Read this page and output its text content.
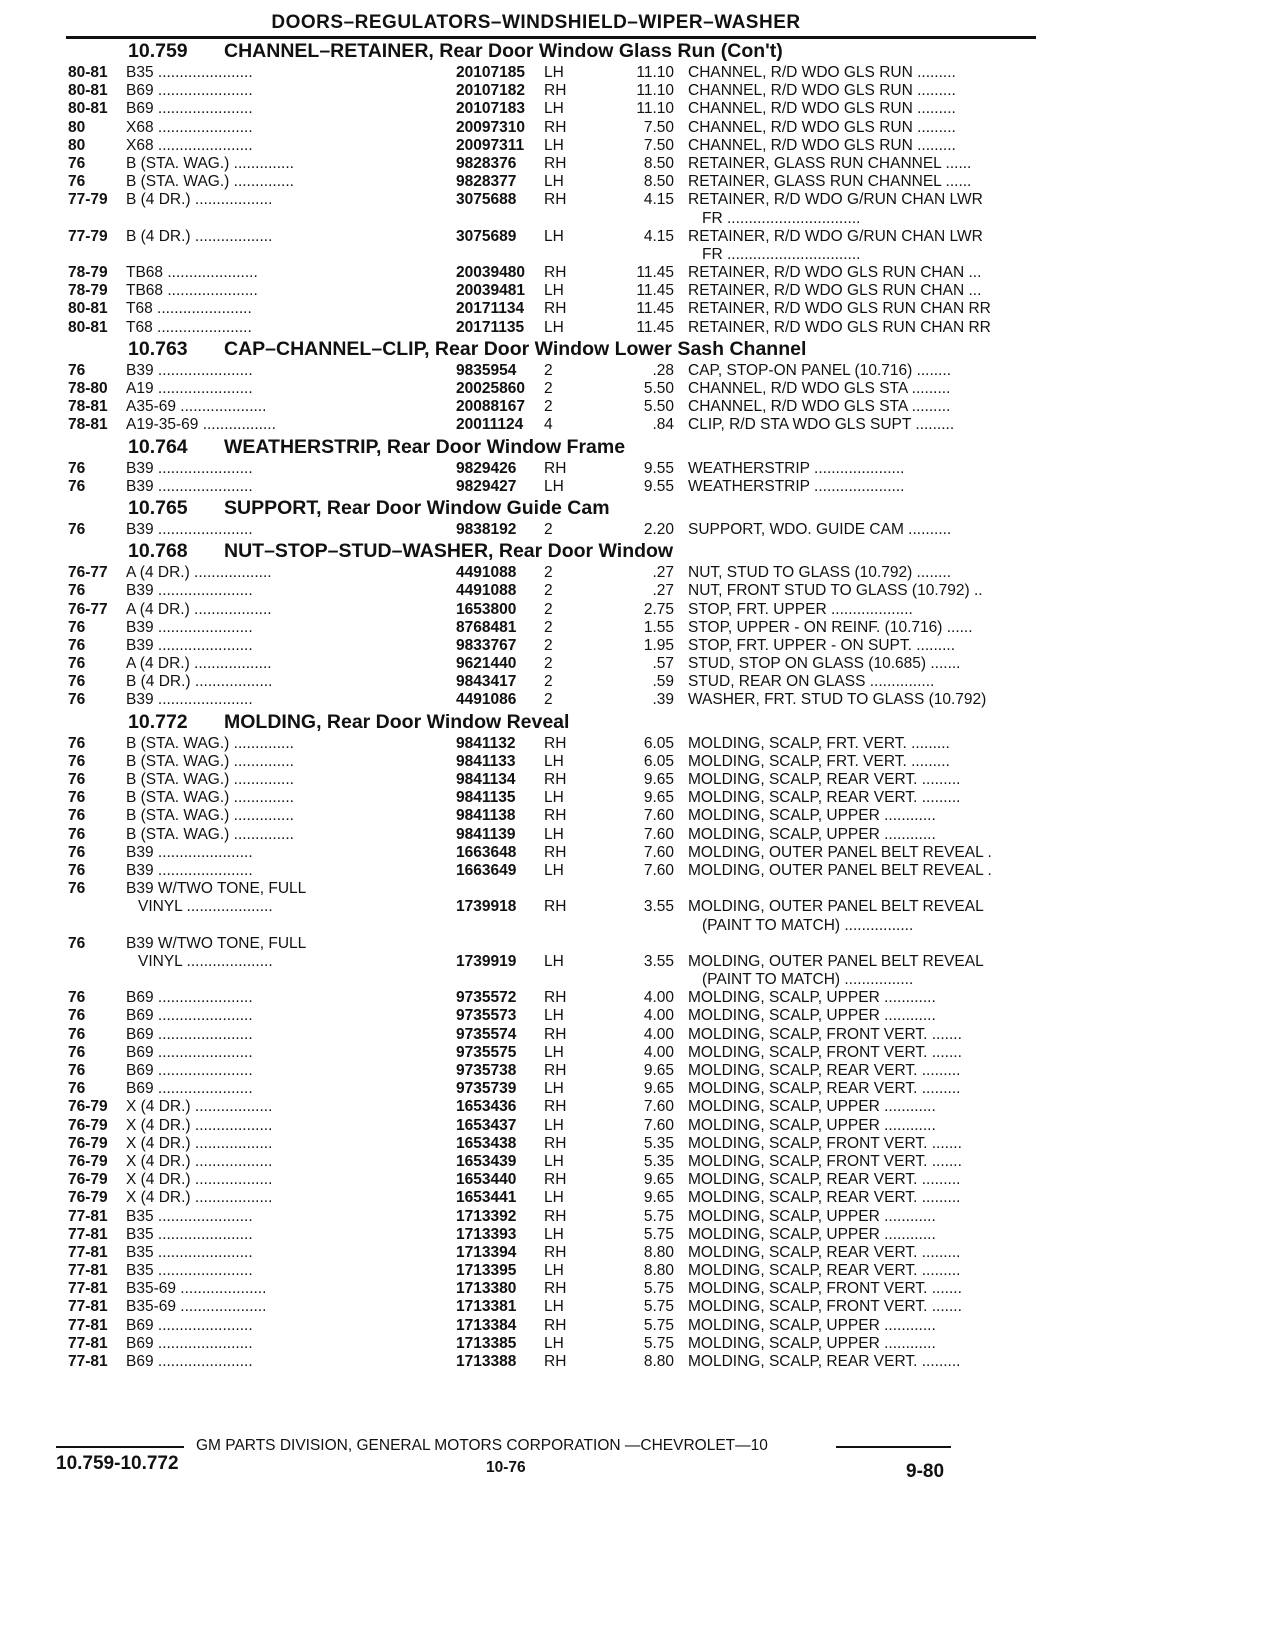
DOORS–REGULATORS–WINDSHIELD–WIPER–WASHER
10.759 CHANNEL–RETAINER, Rear Door Window Glass Run (Con't)
80-81 B35 ......................	20107185 LH	11.10 CHANNEL, R/D WDO GLS RUN .........
80-81 B69 ......................	20107182 RH	11.10 CHANNEL, R/D WDO GLS RUN .........
80-81 B69 ......................	20107183 LH	11.10 CHANNEL, R/D WDO GLS RUN .........
80	X68 ......................	20097310 RH	7.50 CHANNEL, R/D WDO GLS RUN .........
80	X68 ......................	20097311 LH	7.50 CHANNEL, R/D WDO GLS RUN .........
76	B (STA. WAG.) ..............	9828376 RH	8.50 RETAINER, GLASS RUN CHANNEL ......
76	B (STA. WAG.) ..............	9828377 LH	8.50 RETAINER, GLASS RUN CHANNEL ......
77-79 B (4 DR.) ..................	3075688 RH	4.15 RETAINER, R/D WDO G/RUN CHAN LWR
FR ...............................
77-79 B (4 DR.) ..................	3075689 LH	4.15 RETAINER, R/D WDO G/RUN CHAN LWR
FR ...............................
78-79 TB68 .....................	20039480 RH	11.45 RETAINER, R/D WDO GLS RUN CHAN ...
78-79 TB68 .....................	20039481 LH	11.45 RETAINER, R/D WDO GLS RUN CHAN ...
80-81 T68 ......................	20171134 RH	11.45 RETAINER, R/D WDO GLS RUN CHAN RR
80-81 T68 ......................	20171135 LH	11.45 RETAINER, R/D WDO GLS RUN CHAN RR
10.763 CAP–CHANNEL–CLIP, Rear Door Window Lower Sash Channel
76	B39 ......................	9835954 2	.28 CAP, STOP-ON PANEL (10.716) ........
78-80 A19 ......................	20025860 2	5.50 CHANNEL, R/D WDO GLS STA .........
78-81 A35-69 ....................	20088167 2	5.50 CHANNEL, R/D WDO GLS STA .........
78-81 A19-35-69 .................	20011124 4	.84 CLIP, R/D STA WDO GLS SUPT .........
10.764 WEATHERSTRIP, Rear Door Window Frame
76	B39 ......................	9829426 RH	9.55 WEATHERSTRIP .....................
76	B39 ......................	9829427 LH	9.55 WEATHERSTRIP .....................
10.765 SUPPORT, Rear Door Window Guide Cam
76	B39 ......................	9838192 2	2.20 SUPPORT, WDO. GUIDE CAM ..........
10.768 NUT–STOP–STUD–WASHER, Rear Door Window
76-77 A (4 DR.) ..................	4491088 2	.27 NUT, STUD TO GLASS (10.792) ........
76	B39 ......................	4491088 2	.27 NUT, FRONT STUD TO GLASS (10.792) ..
76-77 A (4 DR.) ..................	1653800 2	2.75 STOP, FRT. UPPER ...................
76	B39 ......................	8768481 2	1.55 STOP, UPPER - ON REINF. (10.716) ......
76	B39 ......................	9833767 2	1.95 STOP, FRT. UPPER - ON SUPT. .........
76	A (4 DR.) ..................	9621440 2	.57 STUD, STOP ON GLASS (10.685) .......
76	B (4 DR.) ..................	9843417 2	.59 STUD, REAR ON GLASS ...............
76	B39 ......................	4491086 2	.39 WASHER, FRT. STUD TO GLASS (10.792)
10.772 MOLDING, Rear Door Window Reveal
76	B (STA. WAG.) ..............	9841132 RH	6.05 MOLDING, SCALP, FRT. VERT. .........
76	B (STA. WAG.) ..............	9841133 LH	6.05 MOLDING, SCALP, FRT. VERT. .........
76	B (STA. WAG.) ..............	9841134 RH	9.65 MOLDING, SCALP, REAR VERT. .........
76	B (STA. WAG.) ..............	9841135 LH	9.65 MOLDING, SCALP, REAR VERT. .........
76	B (STA. WAG.) ..............	9841138 RH	7.60 MOLDING, SCALP, UPPER ............
76	B (STA. WAG.) ..............	9841139 LH	7.60 MOLDING, SCALP, UPPER ............
76	B39 ......................	1663648 RH	7.60 MOLDING, OUTER PANEL BELT REVEAL .
76	B39 ......................	1663649 LH	7.60 MOLDING, OUTER PANEL BELT REVEAL .
76	B39 W/TWO TONE, FULL
VINYL ....................	1739918 RH	3.55 MOLDING, OUTER PANEL BELT REVEAL
(PAINT TO MATCH) ................
76	B39 W/TWO TONE, FULL
VINYL ....................	1739919 LH	3.55 MOLDING, OUTER PANEL BELT REVEAL
(PAINT TO MATCH) ................
76	B69 ......................	9735572 RH	4.00 MOLDING, SCALP, UPPER ............
76	B69 ......................	9735573 LH	4.00 MOLDING, SCALP, UPPER ............
76	B69 ......................	9735574 RH	4.00 MOLDING, SCALP, FRONT VERT. .......
76	B69 ......................	9735575 LH	4.00 MOLDING, SCALP, FRONT VERT. .......
76	B69 ......................	9735738 RH	9.65 MOLDING, SCALP, REAR VERT. .........
76	B69 ......................	9735739 LH	9.65 MOLDING, SCALP, REAR VERT. .........
76-79 X (4 DR.) ..................	1653436 RH	7.60 MOLDING, SCALP, UPPER ............
76-79 X (4 DR.) ..................	1653437 LH	7.60 MOLDING, SCALP, UPPER ............
76-79 X (4 DR.) ..................	1653438 RH	5.35 MOLDING, SCALP, FRONT VERT. .......
76-79 X (4 DR.) ..................	1653439 LH	5.35 MOLDING, SCALP, FRONT VERT. .......
76-79 X (4 DR.) ..................	1653440 RH	9.65 MOLDING, SCALP, REAR VERT. .........
76-79 X (4 DR.) ..................	1653441 LH	9.65 MOLDING, SCALP, REAR VERT. .........
77-81 B35 ......................	1713392 RH	5.75 MOLDING, SCALP, UPPER ............
77-81 B35 ......................	1713393 LH	5.75 MOLDING, SCALP, UPPER ............
77-81 B35 ......................	1713394 RH	8.80 MOLDING, SCALP, REAR VERT. .........
77-81 B35 ......................	1713395 LH	8.80 MOLDING, SCALP, REAR VERT. .........
77-81 B35-69 ....................	1713380 RH	5.75 MOLDING, SCALP, FRONT VERT. .......
77-81 B35-69 ....................	1713381 LH	5.75 MOLDING, SCALP, FRONT VERT. .......
77-81 B69 ......................	1713384 RH	5.75 MOLDING, SCALP, UPPER ............
77-81 B69 ......................	1713385 LH	5.75 MOLDING, SCALP, UPPER ............
77-81 B69 ......................	1713388 RH	8.80 MOLDING, SCALP, REAR VERT. .........
GM PARTS DIVISION, GENERAL MOTORS CORPORATION —CHEVROLET—10
10.759-10.772	10-76	9-80
